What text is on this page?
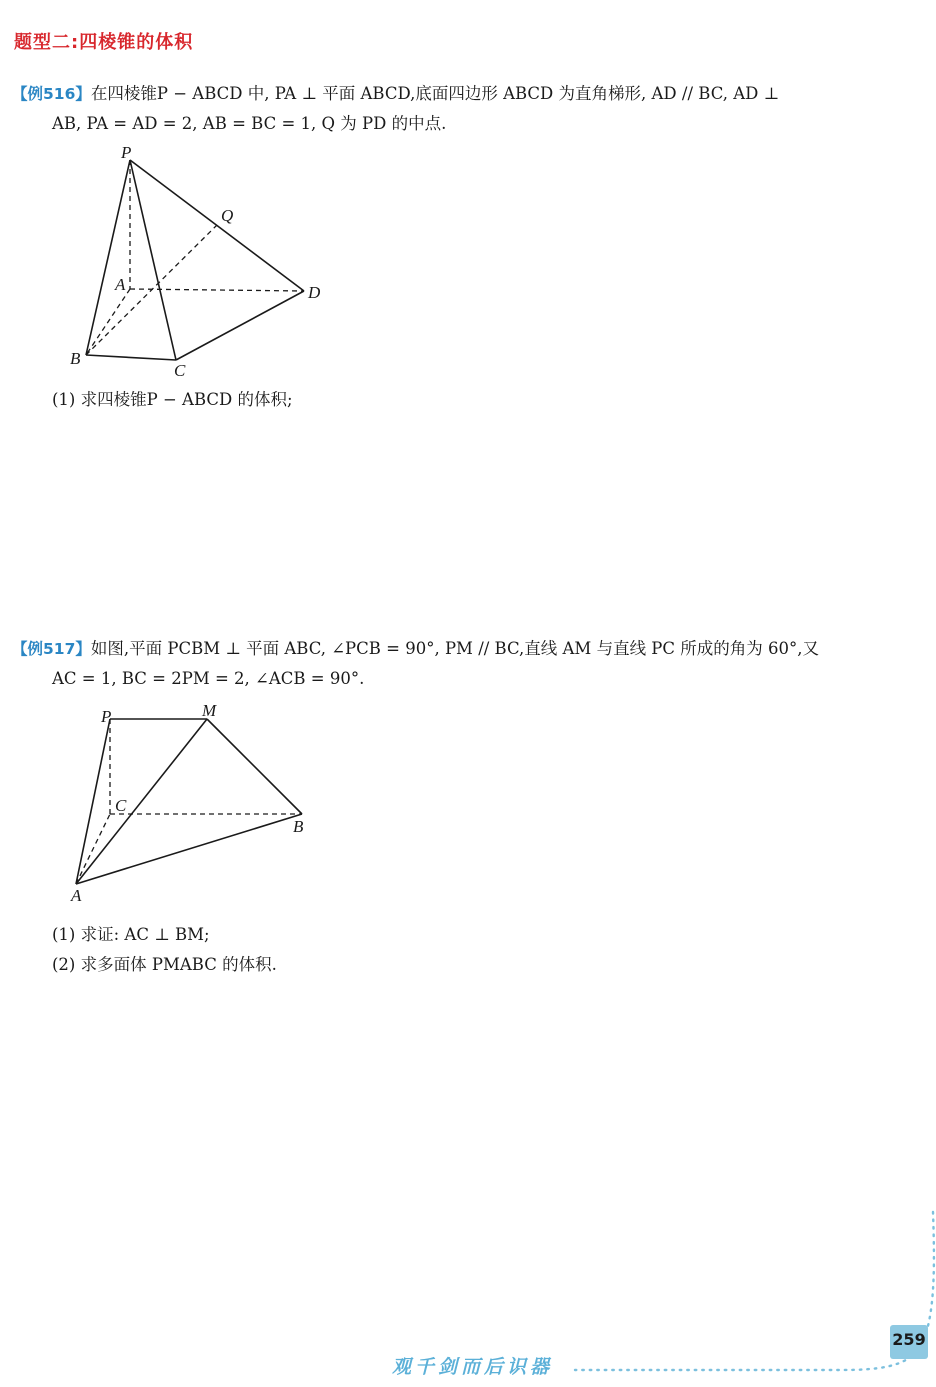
题型二:四棱锥的体积
【例516】在四棱锥P − ABCD 中, PA ⊥ 平面 ABCD,底面四边形 ABCD 为直角梯形, AD // BC, AD ⊥
AB, PA = AD = 2, AB = BC = 1, Q 为 PD 的中点.
P
Q
A	D
B
C
(1) 求四棱锥P − ABCD 的体积;
【例517】如图,平面 PCBM ⊥ 平面 ABC, ∠PCB = 90°, PM // BC,直线 AM 与直线 PC 所成的角为 60°,又
AC = 1, BC = 2PM = 2, ∠ACB = 90°.
P	M
C
B
A
(1) 求证: AC ⊥ BM;
(2) 求多面体 PMABC 的体积.
259
观千剑而后识器
